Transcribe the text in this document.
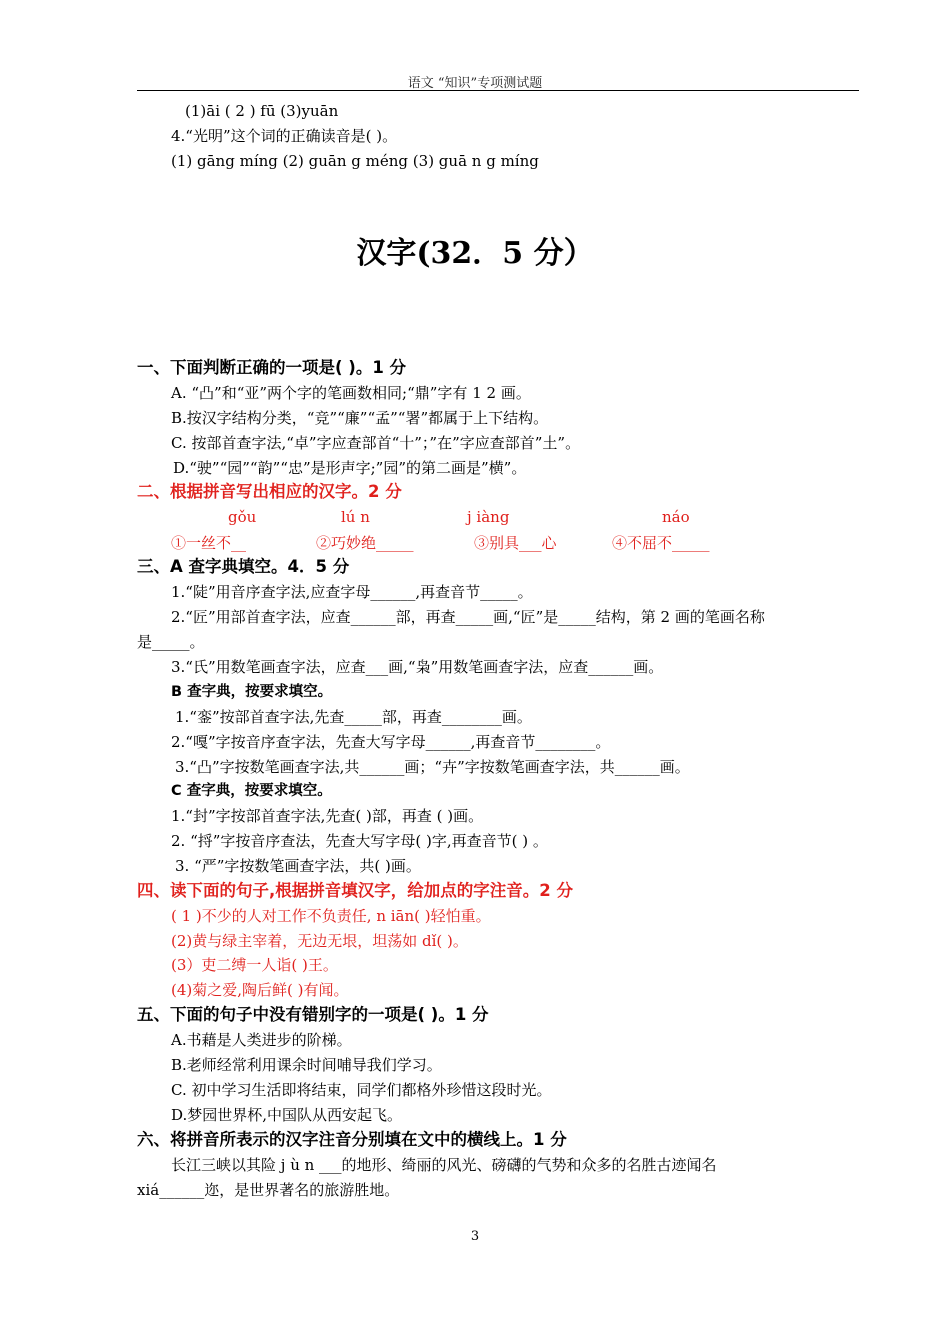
语文 “知识”专项测试题
(1)āi ( 2 ) fū (3)yuān
4.“光明”这个词的正确读音是( )。
(1) gāng míng (2) guān g méng (3) guā n g míng
汉字(32．5 分）
一、下面判断正确的一项是( )。1 分
A. “凸”和“亚”两个字的笔画数相同;“鼎”字有 1 2 画。
B.按汉字结构分类，“竞”“廉”“孟”“署”都属于上下结构。
C. 按部首查字法,“卓”字应查部首“十”；”在”字应查部首”土”。
D.“驶”“园”“韵”“忠”是形声字;”园”的第二画是”横”。
二、根据拼音写出相应的汉字。2 分
gǒu	lú n	j iàng	náo
①一丝不__	②巧妙绝_____	③别具___心	④不屈不_____
三、A 查字典填空。4．5 分
1.“陡”用音序查字法,应查字母______,再查音节_____。
2.“匠”用部首查字法，应查______部，再查_____画,“匠”是_____结构，第 2 画的笔画名称
是_____。
3.“氏”用数笔画查字法，应查___画,“枭”用数笔画查字法，应查______画。
B 查字典，按要求填空。
1.“銮”按部首查字法,先查_____部，再查________画。
2.“嘎”字按音序查字法，先查大写字母______,再查音节________。
3.“凸”字按数笔画查字法,共______画；“卉”字按数笔画查字法，共______画。
C 查字典，按要求填空。
1.“封”字按部首查字法,先查( )部，再查 ( )画。
2. “捋”字按音序查法，先查大写字母( )字,再查音节( ) 。
3. “严”字按数笔画查字法，共( )画。
四、读下面的句子,根据拼音填汉字，给加点的字注音。2 分
( 1 )不少的人对工作不负责任, n iān( )轻怕重。
(2)黄与绿主宰着，无边无垠，坦荡如 dǐ( )。
(3）吏二缚一人诣( )王。
(4)菊之爱,陶后鲜( )有闻。
五、下面的句子中没有错别字的一项是( )。1 分
A.书藉是人类进步的阶梯。
B.老师经常利用课余时间哺导我们学习。
C. 初中学习生活即将结束，同学们都格外珍惜这段时光。
D.梦园世界杯,中国队从西安起飞。
六、将拼音所表示的汉字注音分别填在文中的横线上。1 分
长江三峡以其险 j ù n ___的地形、绮丽的风光、磅礴的气势和众多的名胜古迹闻名
xiá______迩，是世界著名的旅游胜地。
3
